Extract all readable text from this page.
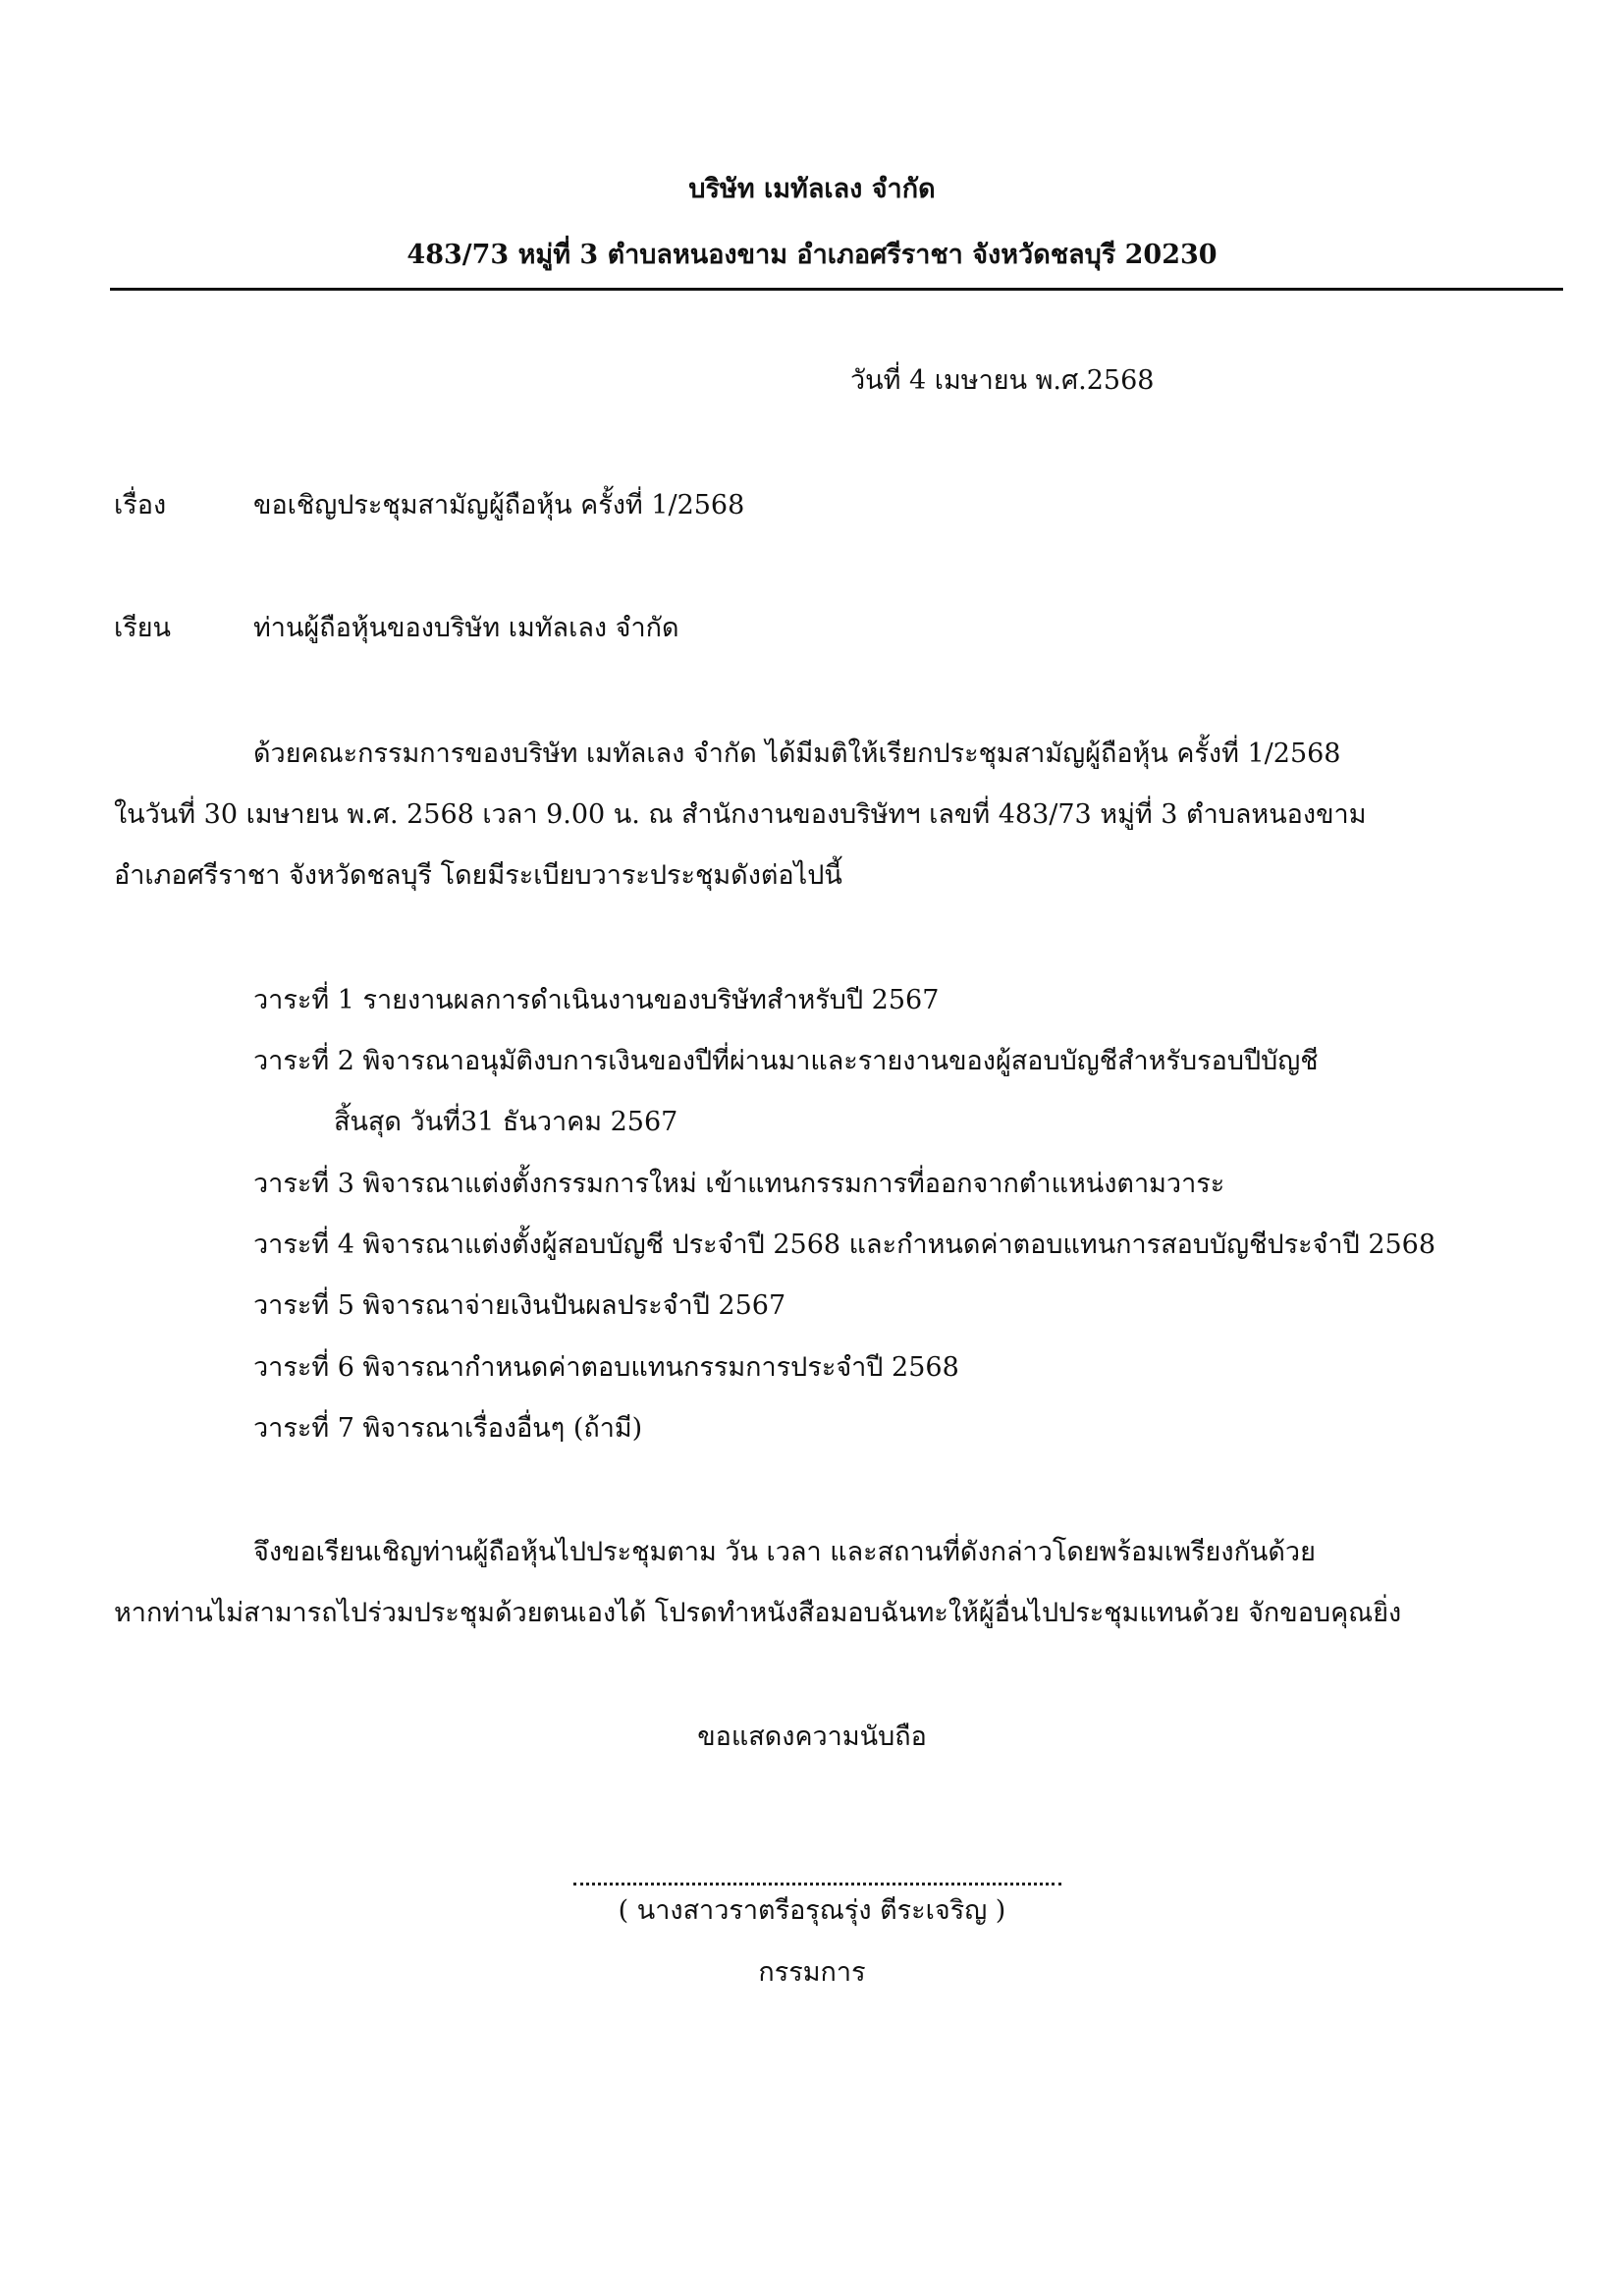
บริษัท เมทัลเลง จำกัด
483/73 หมู่ที่ 3 ตำบลหนองขาม อำเภอศรีราชา จังหวัดชลบุรี 20230
วันที่ 4 เมษายน พ.ศ.2568
เรื่อง	ขอเชิญประชุมสามัญผู้ถือหุ้น ครั้งที่ 1/2568
เรียน	ท่านผู้ถือหุ้นของบริษัท เมทัลเลง จำกัด
ด้วยคณะกรรมการของบริษัท เมทัลเลง จำกัด ได้มีมติให้เรียกประชุมสามัญผู้ถือหุ้น ครั้งที่ 1/2568
ในวันที่ 30 เมษายน พ.ศ. 2568 เวลา 9.00 น. ณ สำนักงานของบริษัทฯ เลขที่ 483/73 หมู่ที่ 3 ตำบลหนองขาม
อำเภอศรีราชา จังหวัดชลบุรี โดยมีระเบียบวาระประชุมดังต่อไปนี้
วาระที่ 1 รายงานผลการดำเนินงานของบริษัทสำหรับปี 2567
วาระที่ 2 พิจารณาอนุมัติงบการเงินของปีที่ผ่านมาและรายงานของผู้สอบบัญชีสำหรับรอบปีบัญชี
สิ้นสุด วันที่31 ธันวาคม 2567
วาระที่ 3 พิจารณาแต่งตั้งกรรมการใหม่ เข้าแทนกรรมการที่ออกจากตำแหน่งตามวาระ
วาระที่ 4 พิจารณาแต่งตั้งผู้สอบบัญชี ประจำปี 2568 และกำหนดค่าตอบแทนการสอบบัญชีประจำปี 2568
วาระที่ 5 พิจารณาจ่ายเงินปันผลประจำปี 2567
วาระที่ 6 พิจารณากำหนดค่าตอบแทนกรรมการประจำปี 2568
วาระที่ 7 พิจารณาเรื่องอื่นๆ (ถ้ามี)
จึงขอเรียนเชิญท่านผู้ถือหุ้นไปประชุมตาม วัน เวลา และสถานที่ดังกล่าวโดยพร้อมเพรียงกันด้วย
หากท่านไม่สามารถไปร่วมประชุมด้วยตนเองได้ โปรดทำหนังสือมอบฉันทะให้ผู้อื่นไปประชุมแทนด้วย จักขอบคุณยิ่ง
ขอแสดงความนับถือ
( นางสาวราตรีอรุณรุ่ง ตีระเจริญ )
กรรมการ
